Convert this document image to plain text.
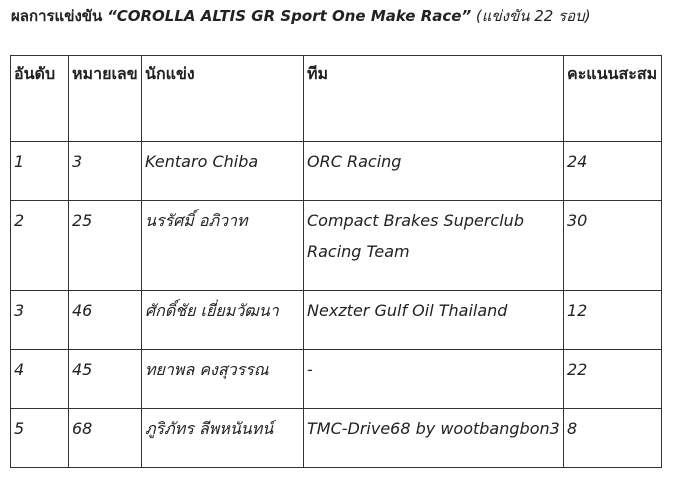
ผลการแข่งขัน “COROLLA ALTIS GR Sport One Make Race” (แข่งขัน 22 รอบ)
อันดับ	หมายเลข	นักแข่ง	ทีม	คะแนนสะสม
1	3	Kentaro Chiba	ORC Racing	24
2	25	นรรัศมิ์ อภิวาท	Compact Brakes Superclub Racing Team	30
3	46	ศักดิ์ชัย เยี่ยมวัฒนา	Nexzter Gulf Oil Thailand	12
4	45	ทยาพล คงสุวรรณ	-	22
5	68	ภูริภัทร ลีพหนันทน์	TMC-Drive68 by wootbangbon3	8
